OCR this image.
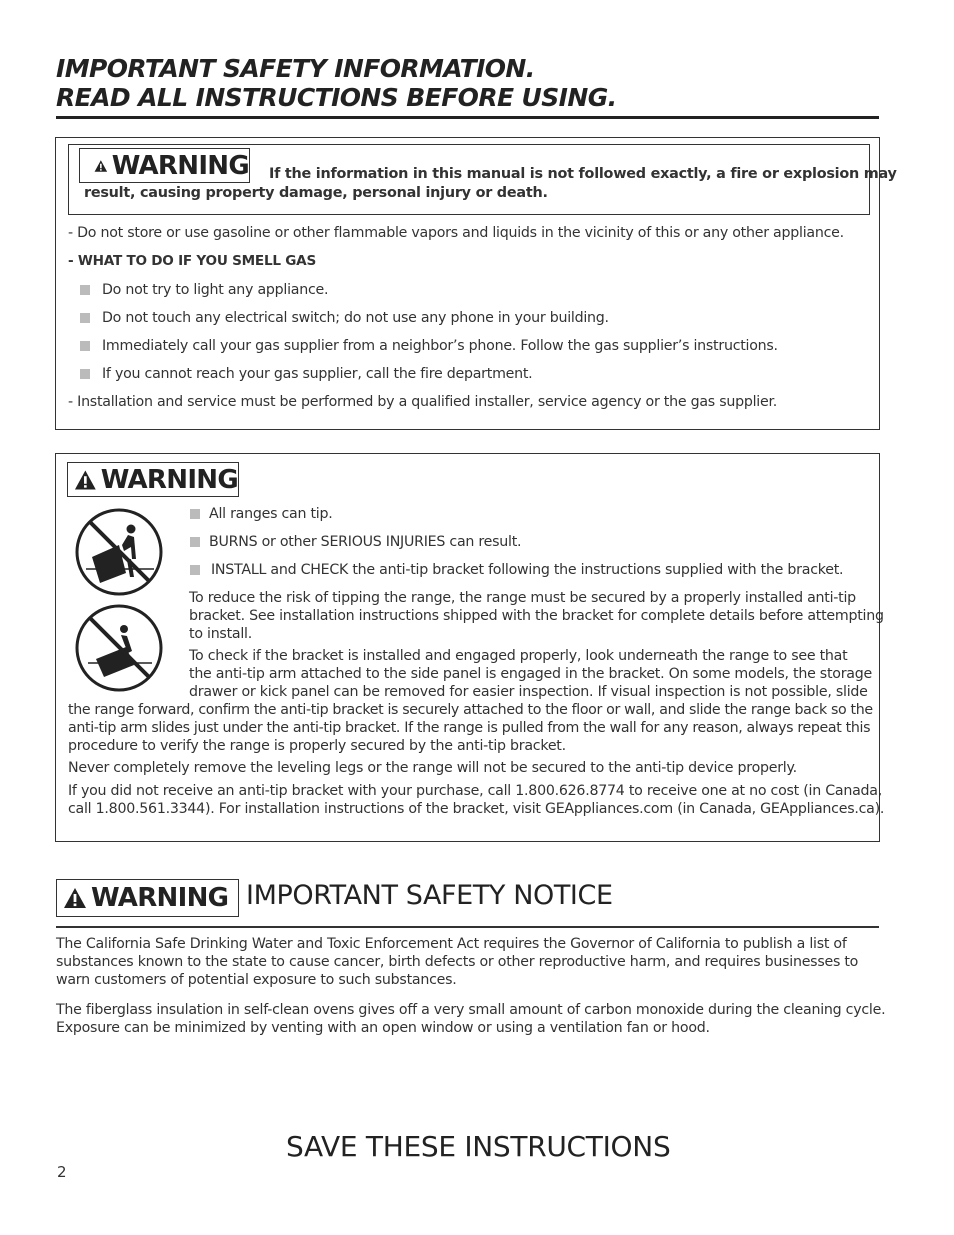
IMPORTANT SAFETY INFORMATION.
READ ALL INSTRUCTIONS BEFORE USING.
WARNING If the information in this manual is not followed exactly, a fire or explosion may
result, causing property damage, personal injury or death.
- Do not store or use gasoline or other flammable vapors and liquids in the vicinity of this or any other appliance.
- WHAT TO DO IF YOU SMELL GAS
Do not try to light any appliance.
Do not touch any electrical switch; do not use any phone in your building.
Immediately call your gas supplier from a neighbor’s phone. Follow the gas supplier’s instructions.
If you cannot reach your gas supplier, call the fire department.
- Installation and service must be performed by a qualified installer, service agency or the gas supplier.
WARNING
All ranges can tip.
BURNS or other SERIOUS INJURIES can result.
INSTALL and CHECK the anti-tip bracket following the instructions supplied with the bracket.
To reduce the risk of tipping the range, the range must be secured by a properly installed anti-tip
bracket. See installation instructions shipped with the bracket for complete details before attempting
to install.
To check if the bracket is installed and engaged properly, look underneath the range to see that
the anti-tip arm attached to the side panel is engaged in the bracket. On some models, the storage
drawer or kick panel can be removed for easier inspection. If visual inspection is not possible, slide
the range forward, confirm the anti-tip bracket is securely attached to the floor or wall, and slide the range back so the
anti-tip arm slides just under the anti-tip bracket. If the range is pulled from the wall for any reason, always repeat this
procedure to verify the range is properly secured by the anti-tip bracket.
Never completely remove the leveling legs or the range will not be secured to the anti-tip device properly.
If you did not receive an anti-tip bracket with your purchase, call 1.800.626.8774 to receive one at no cost (in Canada,
call 1.800.561.3344). For installation instructions of the bracket, visit GEAppliances.com (in Canada, GEAppliances.ca).
WARNING IMPORTANT SAFETY NOTICE
The California Safe Drinking Water and Toxic Enforcement Act requires the Governor of California to publish a list of
substances known to the state to cause cancer, birth defects or other reproductive harm, and requires businesses to
warn customers of potential exposure to such substances.
The fiberglass insulation in self-clean ovens gives off a very small amount of carbon monoxide during the cleaning cycle.
Exposure can be minimized by venting with an open window or using a ventilation fan or hood.
SAVE THESE INSTRUCTIONS
2
